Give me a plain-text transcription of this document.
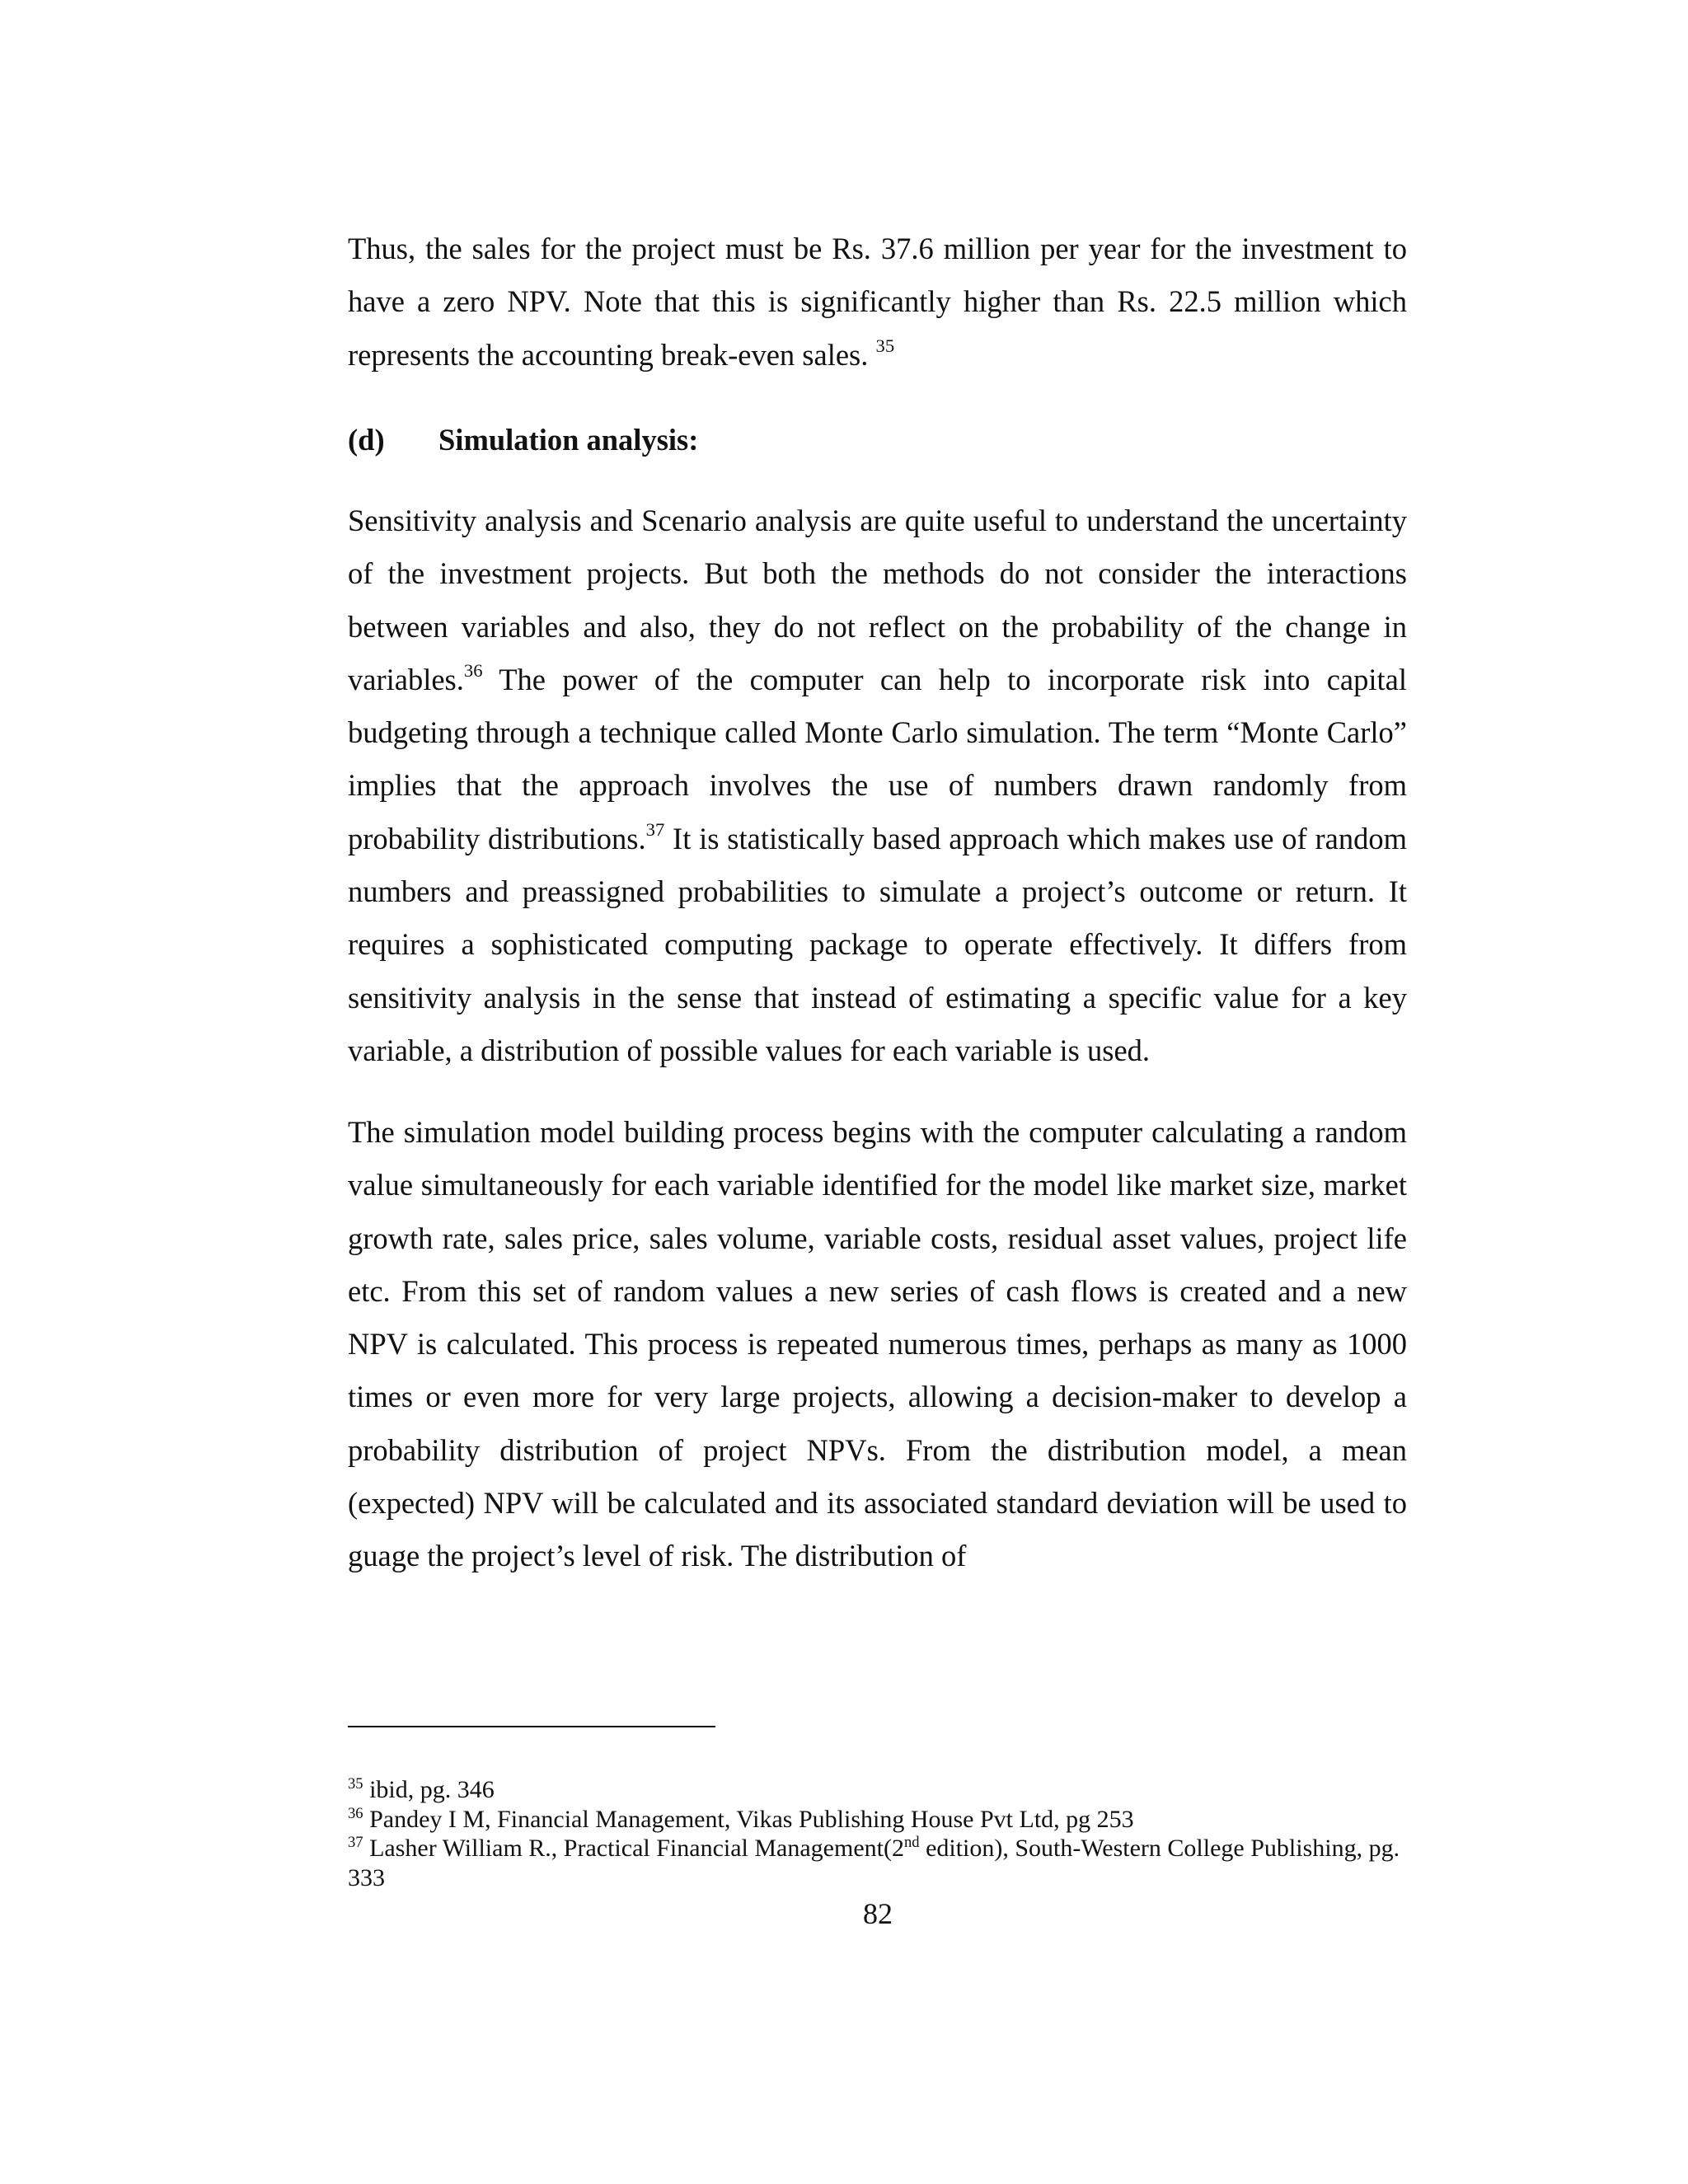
Thus, the sales for the project must be Rs. 37.6 million per year for the investment to have a zero NPV. Note that this is significantly higher than Rs. 22.5 million which represents the accounting break-even sales. $^{35}$

(d) Simulation analysis:

Sensitivity analysis and Scenario analysis are quite useful to understand the uncertainty of the investment projects. But both the methods do not consider the interactions between variables and also, they do not reflect on the probability of the change in variables.$^{36}$ The power of the computer can help to incorporate risk into capital budgeting through a technique called Monte Carlo simulation. The term “Monte Carlo” implies that the approach involves the use of numbers drawn randomly from probability distributions.$^{37}$ It is statistically based approach which makes use of random numbers and preassigned probabilities to simulate a project’s outcome or return. It requires a sophisticated computing package to operate effectively. It differs from sensitivity analysis in the sense that instead of estimating a specific value for a key variable, a distribution of possible values for each variable is used.

The simulation model building process begins with the computer calculating a random value simultaneously for each variable identified for the model like market size, market growth rate, sales price, sales volume, variable costs, residual asset values, project life etc. From this set of random values a new series of cash flows is created and a new NPV is calculated. This process is repeated numerous times, perhaps as many as 1000 times or even more for very large projects, allowing a decision-maker to develop a probability distribution of project NPVs. From the distribution model, a mean (expected) NPV will be calculated and its associated standard deviation will be used to guage the project’s level of risk. The distribution of

$^{35}$ ibid, pg. 346

$^{36}$ Pandey I M, Financial Management, Vikas Publishing House Pvt Ltd, pg 253

$^{37}$ Lasher William R., Practical Financial Management(2nd edition), South-Western College Publishing, pg. 333

82
